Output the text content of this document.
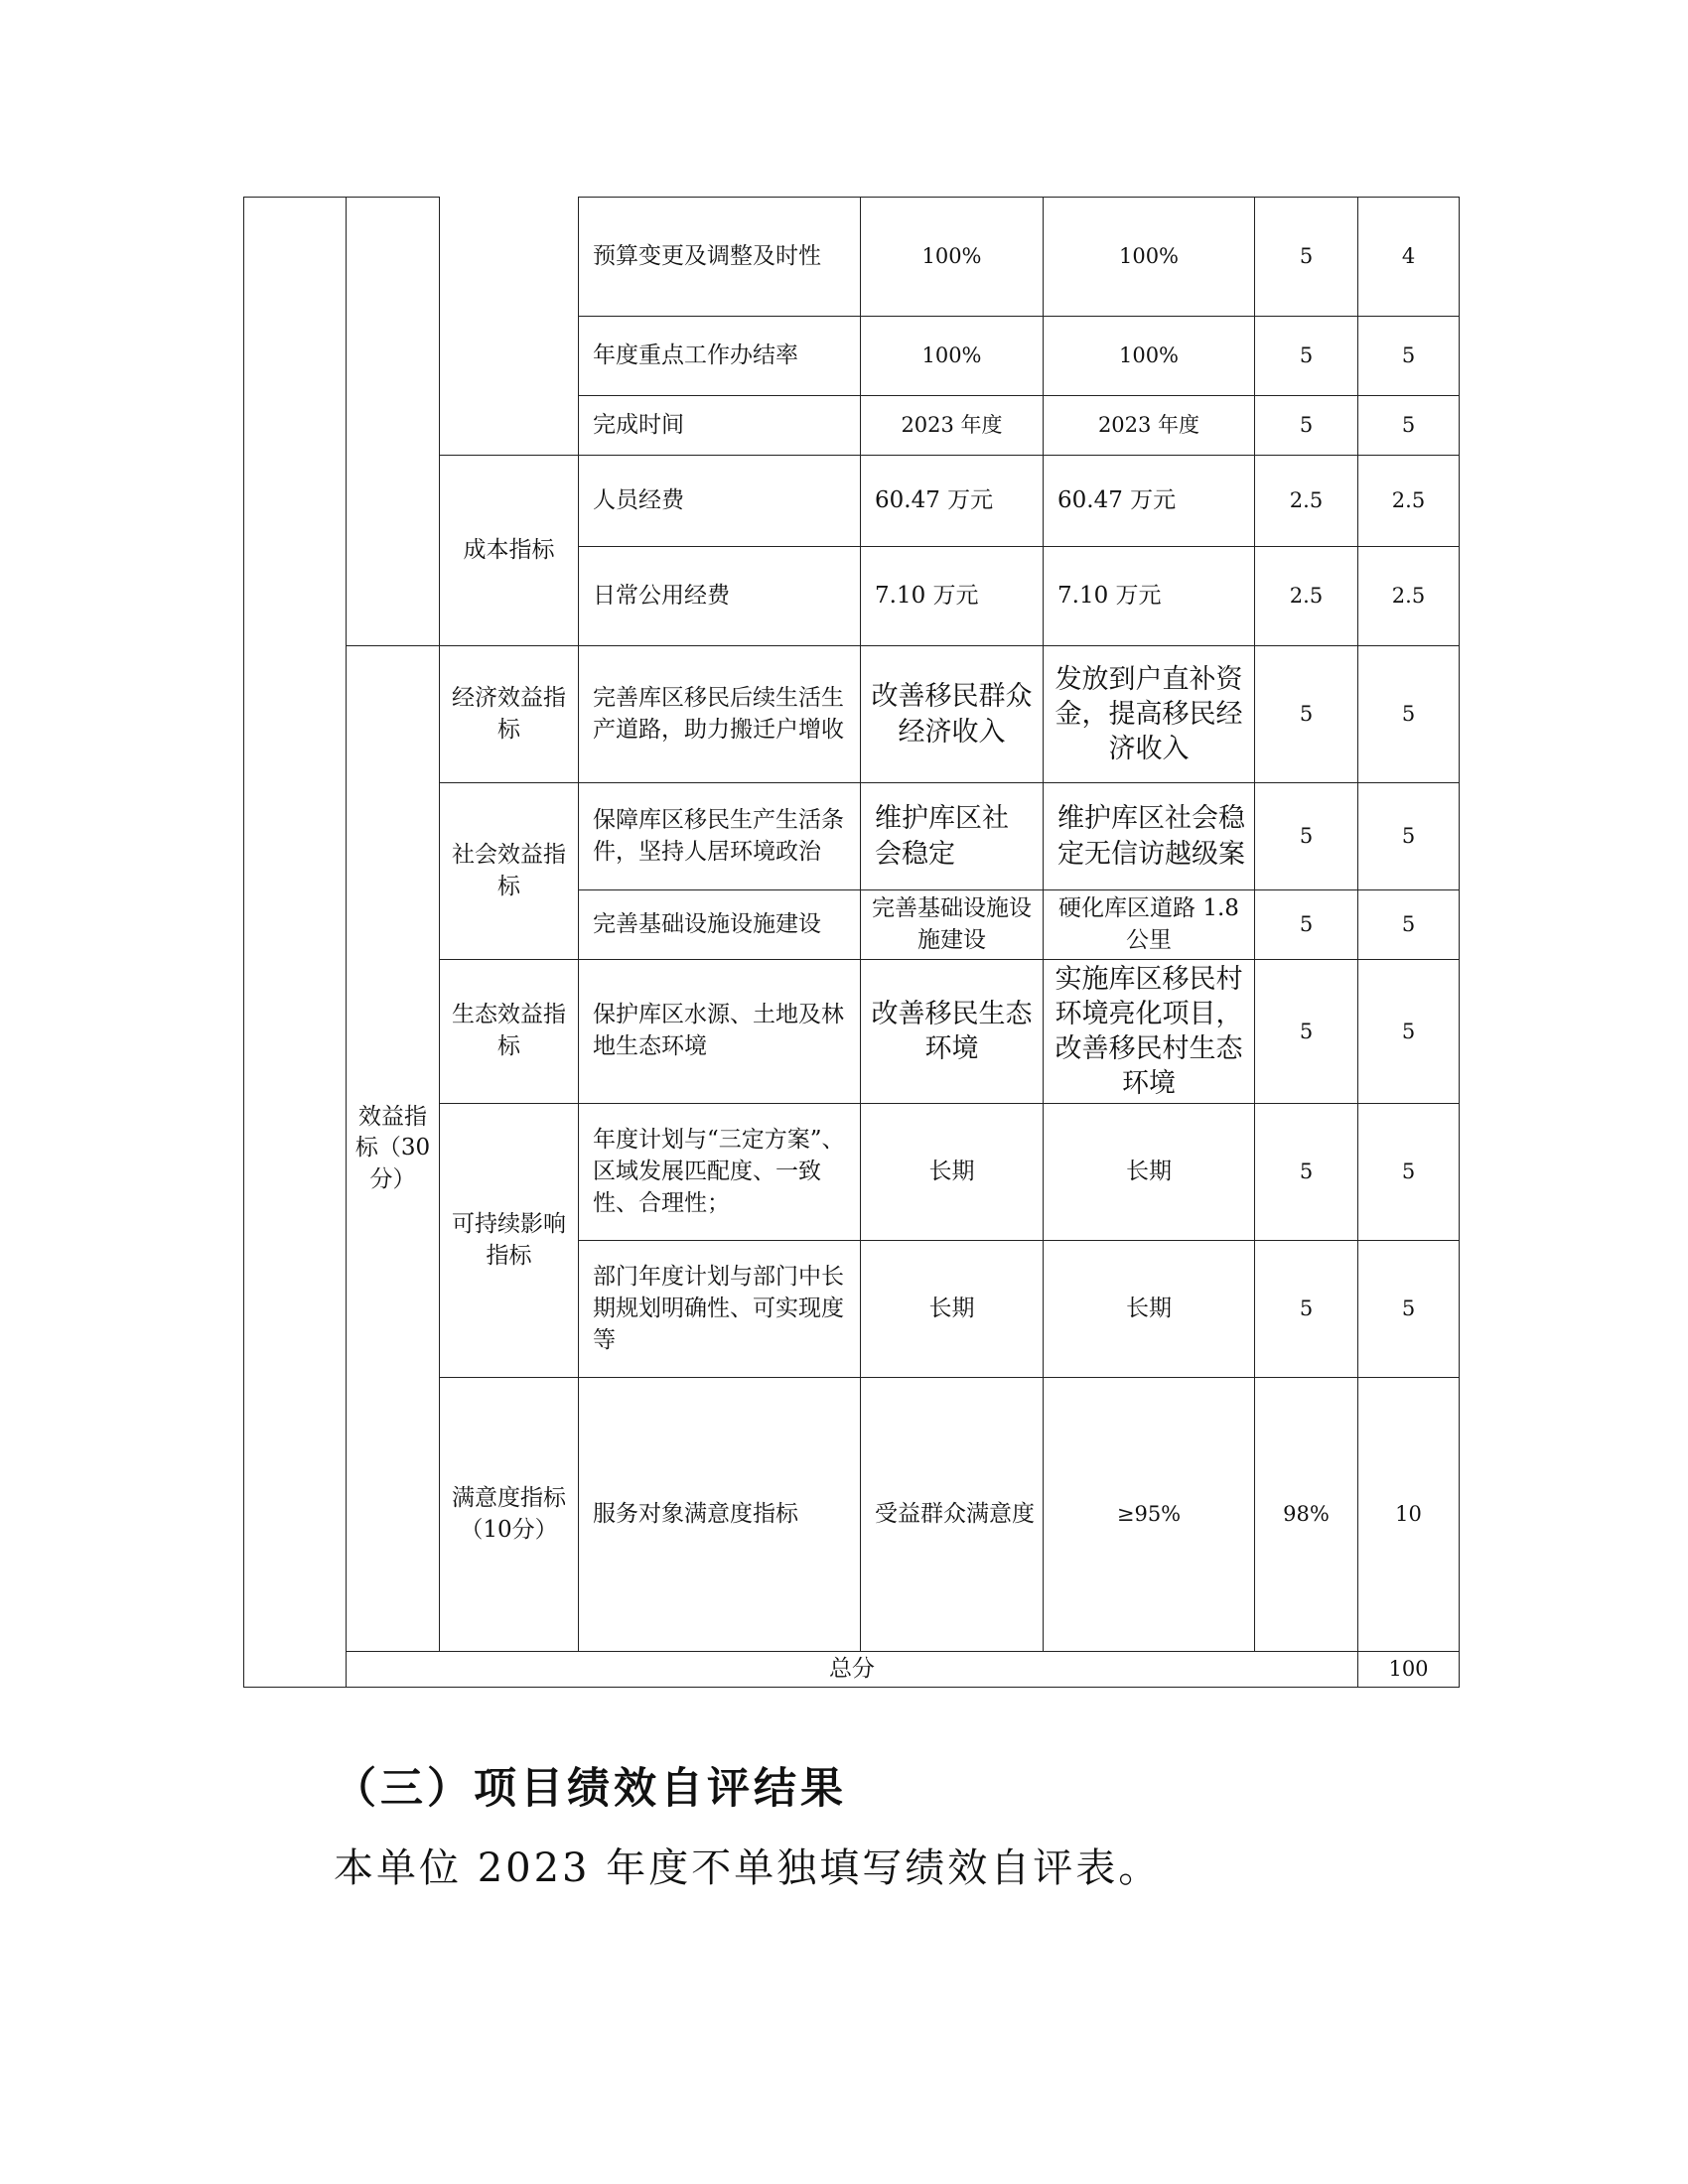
			预算变更及调整及时性	100%	100%	5	4	
			年度重点工作办结率	100%	100%	5	5	
			完成时间	2023 年度	2023 年度	5	5	
		成本指标	人员经费	60.47 万元	60.47 万元	2.5	2.5	
			日常公用经费	7.10 万元	7.10 万元	2.5	2.5	
	效益指标（30分）	经济效益指标	完善库区移民后续生活生产道路，助力搬迁户增收	改善移民群众经济收入	发放到户直补资金，提高移民经济收入	5	5	
		社会效益指标	保障库区移民生产生活条件，坚持人居环境政治	维护库区社会稳定	维护库区社会稳定无信访越级案	5	5	
			完善基础设施设施建设	完善基础设施设施建设	硬化库区道路 1.8 公里	5	5	
		生态效益指标	保护库区水源、土地及林地生态环境	改善移民生态环境	实施库区移民村环境亮化项目，改善移民村生态环境	5	5	
		可持续影响指标	年度计划与“三定方案”、区域发展匹配度、一致性、合理性；	长期	长期	5	5	
			部门年度计划与部门中长期规划明确性、可实现度等	长期	长期	5	5	
		满意度指标（10分）	服务对象满意度指标	受益群众满意度	≥95%	98%	10	
	总分						100	

（三）项目绩效自评结果

本单位 2023 年度不单独填写绩效自评表。
